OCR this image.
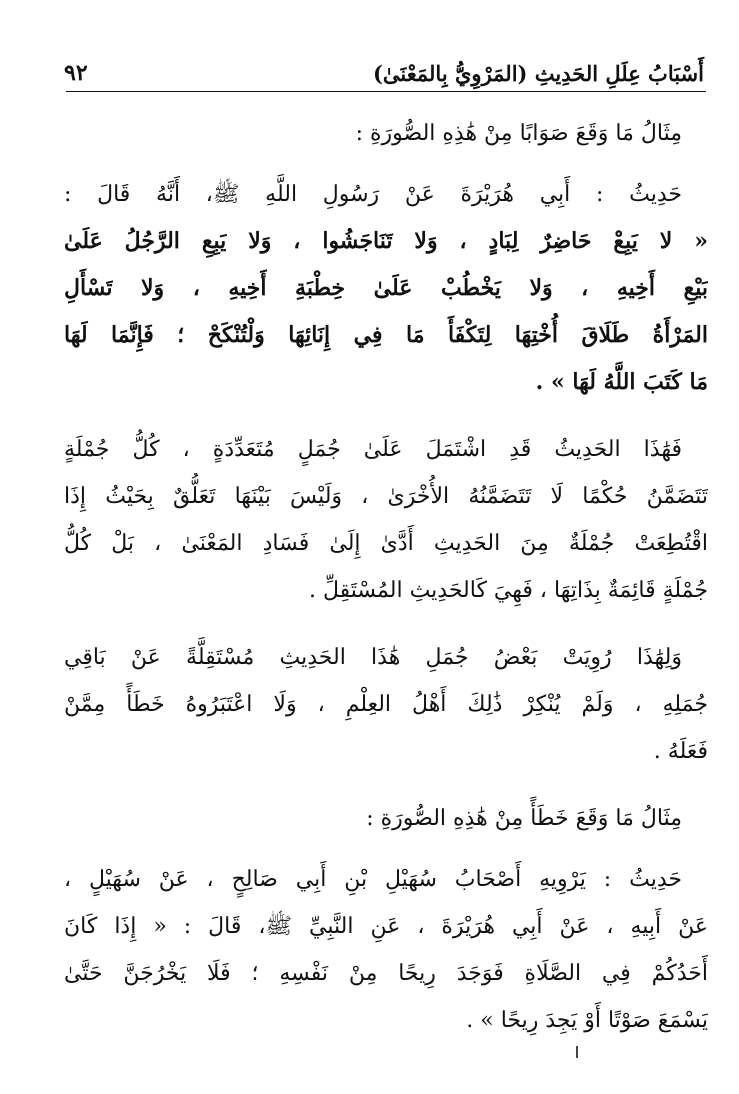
أَسْبَابُ عِلَلِ الحَدِيثِ (المَرْوِيُّ بِالمَعْنَىٰ)
٩٢
مِثَالُ مَا وَقَعَ صَوَابًا مِنْ هَٰذِهِ الصُّورَةِ :
حَدِيثُ : أَبِي هُرَيْرَةَ عَنْ رَسُولِ اللَّهِ ﷺ، أَنَّهُ قَالَ :
« لا يَبِعْ حَاضِرٌ لِبَادٍ ، وَلا تَنَاجَشُوا ، وَلا يَبِعِ الرَّجُلُ عَلَىٰ
بَيْعِ أَخِيهِ ، وَلا يَخْطُبْ عَلَىٰ خِطْبَةِ أَخِيهِ ، وَلا تَسْأَلِ
المَرْأَةُ طَلَاقَ أُخْتِهَا لِتَكْفَأَ مَا فِي إِنَائِهَا وَلْتُنْكَحْ ؛ فَإِنَّمَا لَهَا
مَا كَتَبَ اللَّهُ لَهَا » .
فَهَٰذَا الحَدِيثُ قَدِ اشْتَمَلَ عَلَىٰ جُمَلٍ مُتَعَدِّدَةٍ ، كُلُّ جُمْلَةٍ
تَتَضَمَّنُ حُكْمًا لَا تَتَضَمَّنُهُ الأُخْرَىٰ ، وَلَيْسَ بَيْنَهَا تَعَلُّقٌ بِحَيْثُ إِذَا
اقْتُطِعَتْ جُمْلَةٌ مِنَ الحَدِيثِ أَدَّىٰ إِلَىٰ فَسَادِ المَعْنَىٰ ، بَلْ كُلُّ
جُمْلَةٍ قَائِمَةٌ بِذَاتِهَا ، فَهِيَ كَالحَدِيثِ المُسْتَقِلِّ .
وَلِهَٰذَا رُوِيَتْ بَعْضُ جُمَلِ هَٰذَا الحَدِيثِ مُسْتَقِلَّةً عَنْ بَاقِي
جُمَلِهِ ، وَلَمْ يُنْكِرْ ذَٰلِكَ أَهْلُ العِلْمِ ، وَلَا اعْتَبَرُوهُ خَطَأً مِمَّنْ
فَعَلَهُ .
مِثَالُ مَا وَقَعَ خَطَأً مِنْ هَٰذِهِ الصُّورَةِ :
حَدِيثُ : يَرْوِيهِ أَصْحَابُ سُهَيْلِ بْنِ أَبِي صَالِحٍ ، عَنْ سُهَيْلٍ ،
عَنْ أَبِيهِ ، عَنْ أَبِي هُرَيْرَةَ ، عَنِ النَّبِيِّ ﷺ، قَالَ : « إِذَا كَانَ
أَحَدُكُمْ فِي الصَّلَاةِ فَوَجَدَ رِيحًا مِنْ نَفْسِهِ ؛ فَلَا يَخْرُجَنَّ حَتَّىٰ
يَسْمَعَ صَوْتًا أَوْ يَجِدَ رِيحًا » .
